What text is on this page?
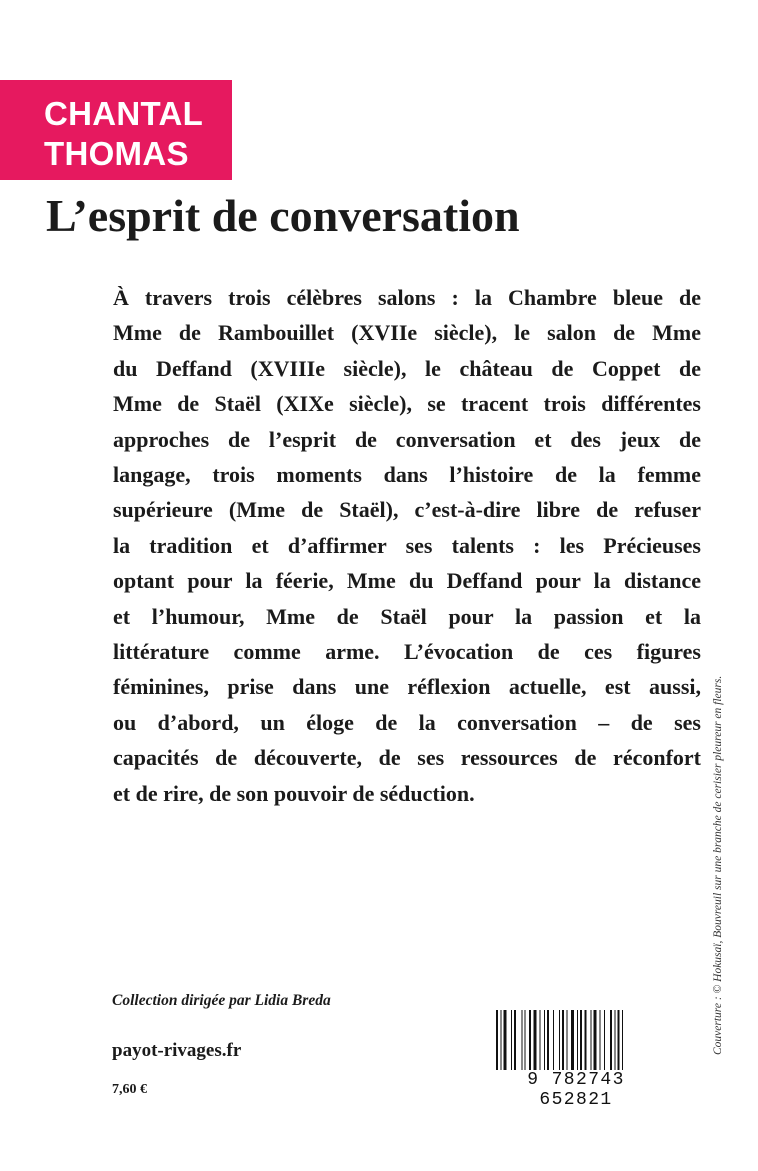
CHANTAL
THOMAS
L’esprit de conversation
À travers trois célèbres salons : la Chambre bleue de
Mme de Rambouillet (XVIIe siècle), le salon de Mme
du Deffand (XVIIIe siècle), le château de Coppet de
Mme de Staël (XIXe siècle), se tracent trois différentes
approches de l’esprit de conversation et des jeux de
langage, trois moments dans l’histoire de la femme
supérieure (Mme de Staël), c’est-à-dire libre de refuser
la tradition et d’affirmer ses talents : les Précieuses
optant pour la féerie, Mme du Deffand pour la distance
et l’humour, Mme de Staël pour la passion et la
littérature comme arme. L’évocation de ces figures
féminines, prise dans une réflexion actuelle, est aussi,
ou d’abord, un éloge de la conversation – de ses
capacités de découverte, de ses ressources de réconfort
et de rire, de son pouvoir de séduction.	Couverture : © Hokusaï, Bouvreuil sur une branche de cerisier pleureur en fleurs.
Collection dirigée par Lidia Breda
payot-rivages.fr
7,60 €	9 782743 652821
